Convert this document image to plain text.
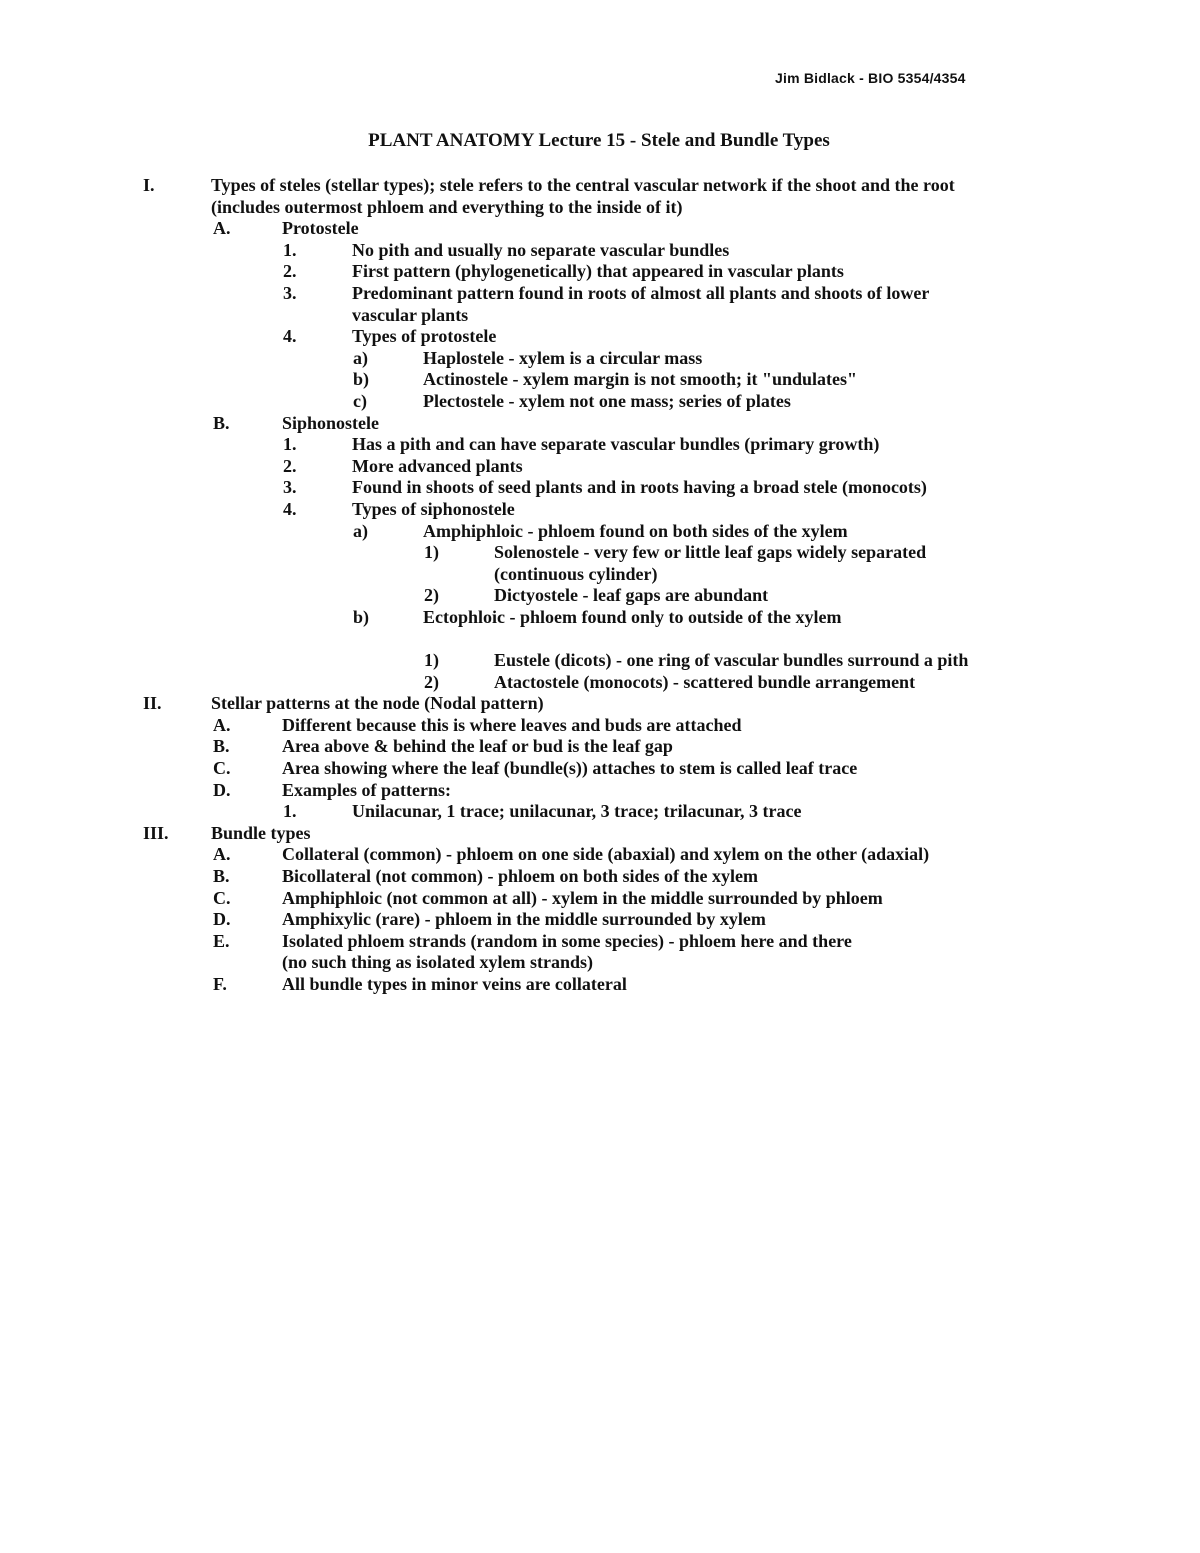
Jim Bidlack - BIO 5354/4354
PLANT ANATOMY Lecture 15 - Stele and Bundle Types
I.	Types of steles (stellar types); stele refers to the central vascular network if the shoot and the root
(includes outermost phloem and everything to the inside of it)
A.	Protostele
1.	No pith and usually no separate vascular bundles
2.	First pattern (phylogenetically) that appeared in vascular plants
3.	Predominant pattern found in roots of almost all plants and shoots of lower
vascular plants
4.	Types of protostele
a)	Haplostele - xylem is a circular mass
b)	Actinostele - xylem margin is not smooth; it "undulates"
c)	Plectostele - xylem not one mass; series of plates
B.	Siphonostele
1.	Has a pith and can have separate vascular bundles (primary growth)
2.	More advanced plants
3.	Found in shoots of seed plants and in roots having a broad stele (monocots)
4.	Types of siphonostele
a)	Amphiphloic - phloem found on both sides of the xylem
1)	Solenostele - very few or little leaf gaps widely separated
(continuous cylinder)
2)	Dictyostele - leaf gaps are abundant
b)	Ectophloic - phloem found only to outside of the xylem
1)	Eustele (dicots) - one ring of vascular bundles surround a pith
2)	Atactostele (monocots) - scattered bundle arrangement
II.	Stellar patterns at the node (Nodal pattern)
A.	Different because this is where leaves and buds are attached
B.	Area above & behind the leaf or bud is the leaf gap
C.	Area showing where the leaf (bundle(s)) attaches to stem is called leaf trace
D.	Examples of patterns:
1.	Unilacunar, 1 trace; unilacunar, 3 trace; trilacunar, 3 trace
III. Bundle types
A.	Collateral (common) - phloem on one side (abaxial) and xylem on the other (adaxial)
B.	Bicollateral (not common) - phloem on both sides of the xylem
C.	Amphiphloic (not common at all) - xylem in the middle surrounded by phloem
D.	Amphixylic (rare) - phloem in the middle surrounded by xylem
E.	Isolated phloem strands (random in some species) - phloem here and there
(no such thing as isolated xylem strands)
F.	All bundle types in minor veins are collateral
